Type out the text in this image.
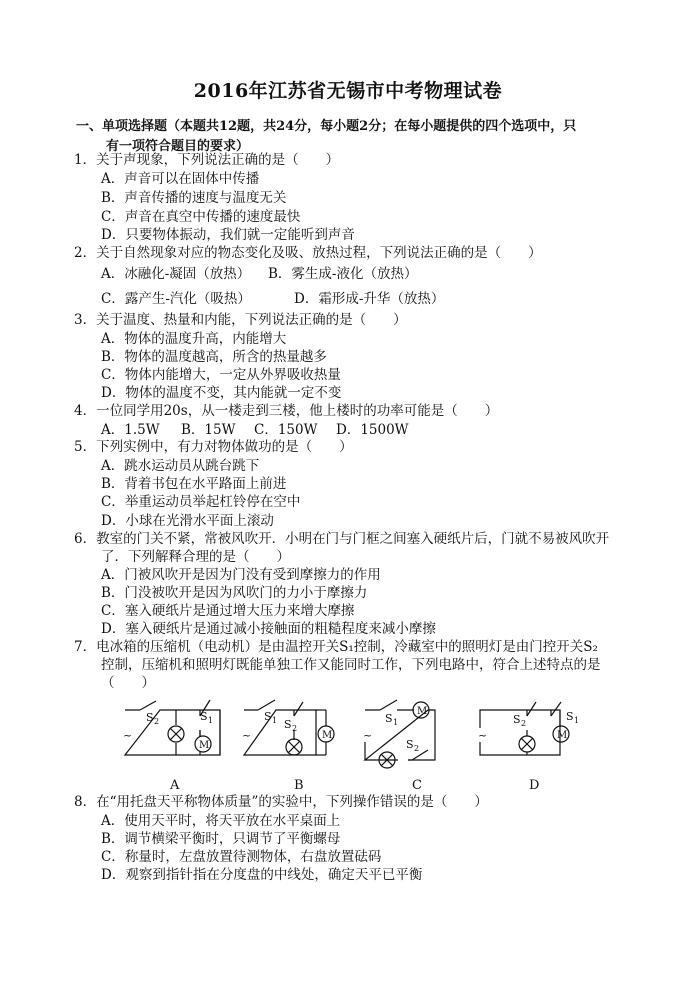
2016年江苏省无锡市中考物理试卷
一、单项选择题（本题共12题，共24分，每小题2分；在每小题提供的四个选项中，只
有一项符合题目的要求）
1．关于声现象，下列说法正确的是（　　）
A．声音可以在固体中传播
B．声音传播的速度与温度无关
C．声音在真空中传播的速度最快
D．只要物体振动，我们就一定能听到声音
2．关于自然现象对应的物态变化及吸、放热过程，下列说法正确的是（　　）
A．冰融化-凝固（放热） B．雾生成-液化（放热）
C．露产生-汽化（吸热）	D．霜形成-升华（放热）
3．关于温度、热量和内能，下列说法正确的是（　　）
A．物体的温度升高，内能增大
B．物体的温度越高，所含的热量越多
C．物体内能增大，一定从外界吸收热量
D．物体的温度不变，其内能就一定不变
4．一位同学用20s，从一楼走到三楼，他上楼时的功率可能是（　　）
A．1.5W B．15W C．150W D．1500W
5．下列实例中，有力对物体做功的是（　　）
A．跳水运动员从跳台跳下
B．背着书包在水平路面上前进
C．举重运动员举起杠铃停在空中
D．小球在光滑水平面上滚动
6．教室的门关不紧，常被风吹开．小明在门与门框之间塞入硬纸片后，门就不易被风吹开
了．下列解释合理的是（　　）
A．门被风吹开是因为门没有受到摩擦力的作用
B．门没被吹开是因为风吹门的力小于摩擦力
C．塞入硬纸片是通过增大压力来增大摩擦
D．塞入硬纸片是通过减小接触面的粗糙程度来减小摩擦
7．电冰箱的压缩机（电动机）是由温控开关S₁控制，冷藏室中的照明灯是由门控开关S₂
控制，压缩机和照明灯既能单独工作又能同时工作，下列电路中，符合上述特点的是
（　　）
~
S 2	S 1
M
~
S 1 S 2
M	~
S 1
M
S 2
~
S 2
S 1
M
A	B	C	D
8．在“用托盘天平称物体质量”的实验中，下列操作错误的是（　　）
A．使用天平时，将天平放在水平桌面上
B．调节横梁平衡时，只调节了平衡螺母
C．称量时，左盘放置待测物体，右盘放置砝码
D．观察到指针指在分度盘的中线处，确定天平已平衡
